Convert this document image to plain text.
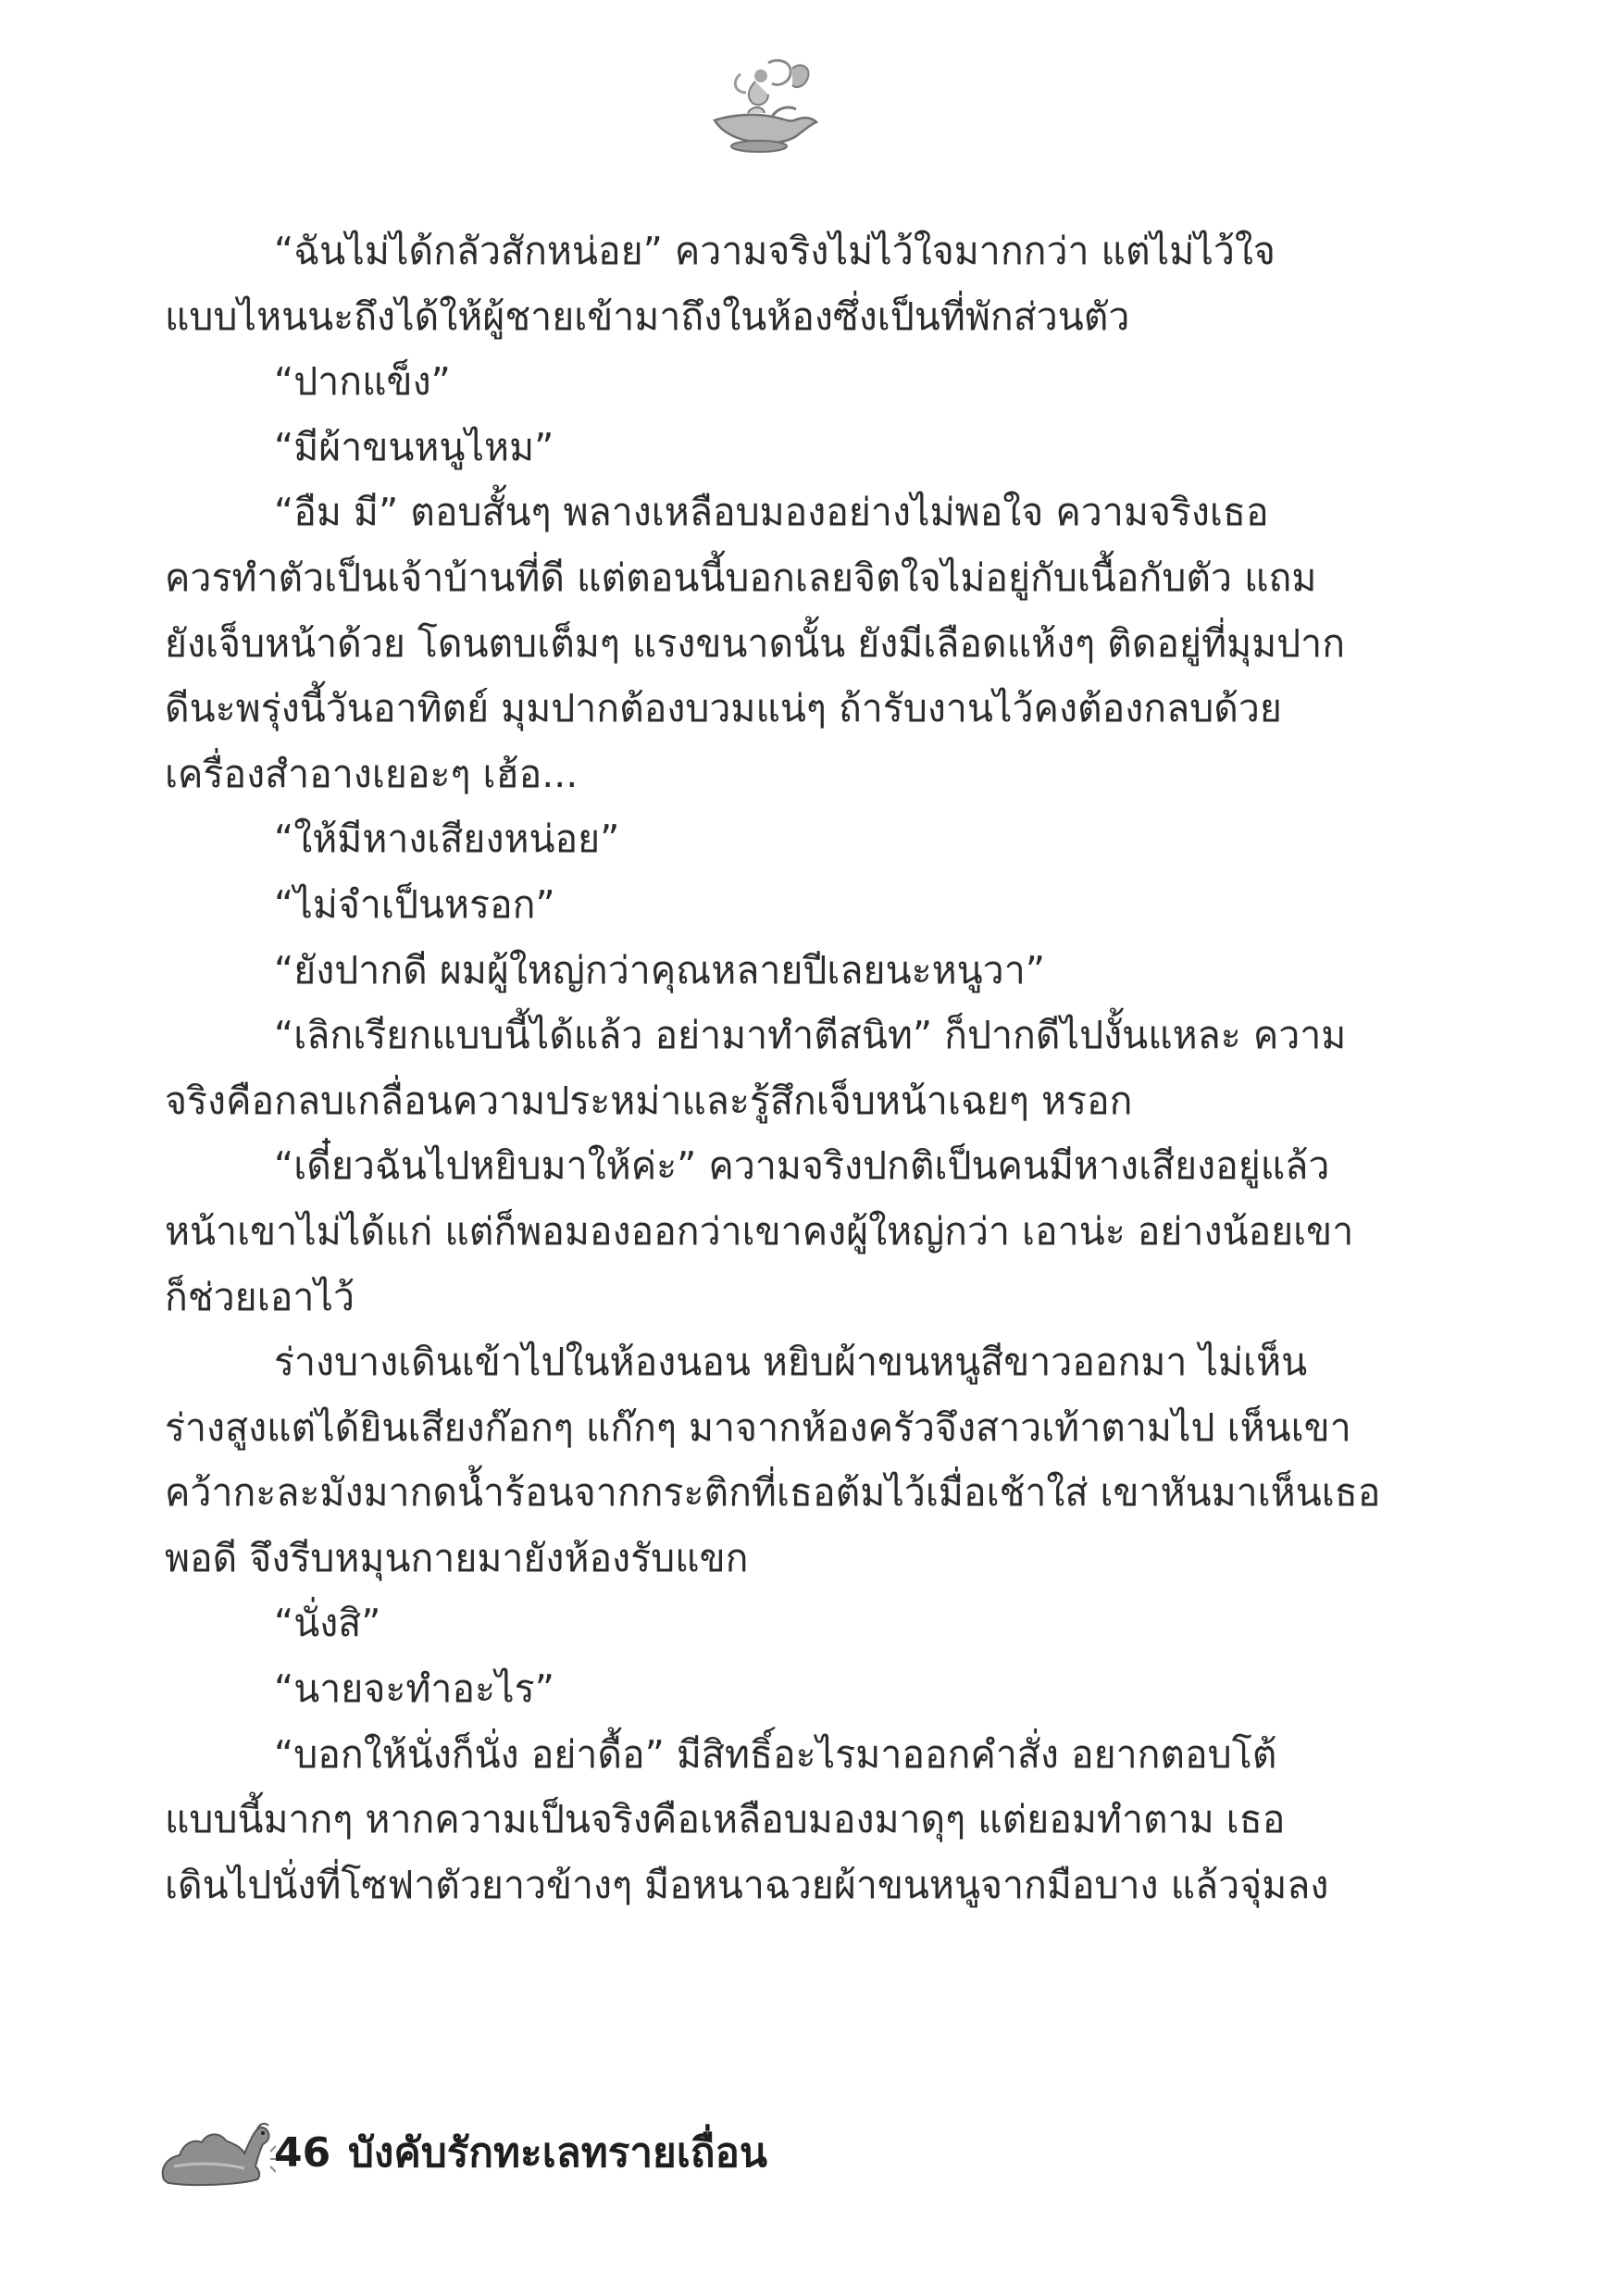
“ฉันไม่ได้กลัวสักหน่อย” ความจริงไม่ไว้ใจมากกว่า แต่ไม่ไว้ใจ
แบบไหนนะถึงได้ให้ผู้ชายเข้ามาถึงในห้องซึ่งเป็นที่พักส่วนตัว
“ปากแข็ง”
“มีผ้าขนหนูไหม”
“อืม มี” ตอบสั้นๆ พลางเหลือบมองอย่างไม่พอใจ ความจริงเธอ
ควรทำตัวเป็นเจ้าบ้านที่ดี แต่ตอนนี้บอกเลยจิตใจไม่อยู่กับเนื้อกับตัว แถม
ยังเจ็บหน้าด้วย โดนตบเต็มๆ แรงขนาดนั้น ยังมีเลือดแห้งๆ ติดอยู่ที่มุมปาก
ดีนะพรุ่งนี้วันอาทิตย์ มุมปากต้องบวมแน่ๆ ถ้ารับงานไว้คงต้องกลบด้วย
เครื่องสำอางเยอะๆ เฮ้อ...
“ให้มีหางเสียงหน่อย”
“ไม่จำเป็นหรอก”
“ยังปากดี ผมผู้ใหญ่กว่าคุณหลายปีเลยนะหนูวา”
“เลิกเรียกแบบนี้ได้แล้ว อย่ามาทำตีสนิท” ก็ปากดีไปงั้นแหละ ความ
จริงคือกลบเกลื่อนความประหม่าและรู้สึกเจ็บหน้าเฉยๆ หรอก
“เดี๋ยวฉันไปหยิบมาให้ค่ะ” ความจริงปกติเป็นคนมีหางเสียงอยู่แล้ว
หน้าเขาไม่ได้แก่ แต่ก็พอมองออกว่าเขาคงผู้ใหญ่กว่า เอาน่ะ อย่างน้อยเขา
ก็ช่วยเอาไว้
ร่างบางเดินเข้าไปในห้องนอน หยิบผ้าขนหนูสีขาวออกมา ไม่เห็น
ร่างสูงแต่ได้ยินเสียงก๊อกๆ แก๊กๆ มาจากห้องครัวจึงสาวเท้าตามไป เห็นเขา
คว้ากะละมังมากดน้ำร้อนจากกระติกที่เธอต้มไว้เมื่อเช้าใส่ เขาหันมาเห็นเธอ
พอดี จึงรีบหมุนกายมายังห้องรับแขก
“นั่งสิ”
“นายจะทำอะไร”
“บอกให้นั่งก็นั่ง อย่าดื้อ” มีสิทธิ์อะไรมาออกคำสั่ง อยากตอบโต้
แบบนี้มากๆ หากความเป็นจริงคือเหลือบมองมาดุๆ แต่ยอมทำตาม เธอ
เดินไปนั่งที่โซฟาตัวยาวข้างๆ มือหนาฉวยผ้าขนหนูจากมือบาง แล้วจุ่มลง
46 บังคับรักทะเลทรายเถื่อน
